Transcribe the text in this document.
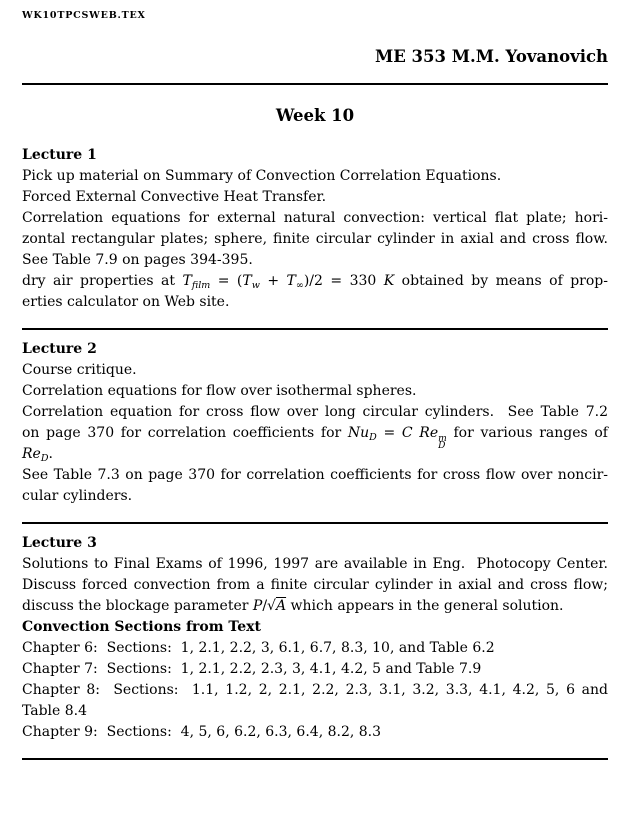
WK10TPCSWEB.TEX
ME 353 M.M. Yovanovich
Week 10
Lecture 1
Pick up material on Summary of Convection Correlation Equations.
Forced External Convective Heat Transfer.
Correlation equations for external natural convection: vertical flat plate; hori-
zontal rectangular plates; sphere, finite circular cylinder in axial and cross flow.
See Table 7.9 on pages 394-395.
dry air properties at $T_{film} = (T_w + T_\infty)/2 = 330$ K obtained by means of prop-
erties calculator on Web site.
Lecture 2
Course critique.
Correlation equations for flow over isothermal spheres.
Correlation equation for cross flow over long circular cylinders.  See Table 7.2
on page 370 for correlation coefficients for $Nu_D = C$ Re m
D
for various ranges of
$Re_D$.
See Table 7.3 on page 370 for correlation coefficients for cross flow over noncir-
cular cylinders.
Lecture 3
Solutions to Final Exams of 1996, 1997 are available in Eng.  Photocopy Center.
Discuss forced convection from a finite circular cylinder in axial and cross flow;
discuss the blockage parameter P/√A which appears in the general solution.
Convection Sections from Text
Chapter 6:  Sections:  1, 2.1, 2.2, 3, 6.1, 6.7, 8.3, 10, and Table 6.2
Chapter 7:  Sections:  1, 2.1, 2.2, 2.3, 3, 4.1, 4.2, 5 and Table 7.9
Chapter 8:  Sections:  1.1, 1.2, 2, 2.1, 2.2, 2.3, 3.1, 3.2, 3.3, 4.1, 4.2, 5, 6 and
Table 8.4
Chapter 9:  Sections:  4, 5, 6, 6.2, 6.3, 6.4, 8.2, 8.3
